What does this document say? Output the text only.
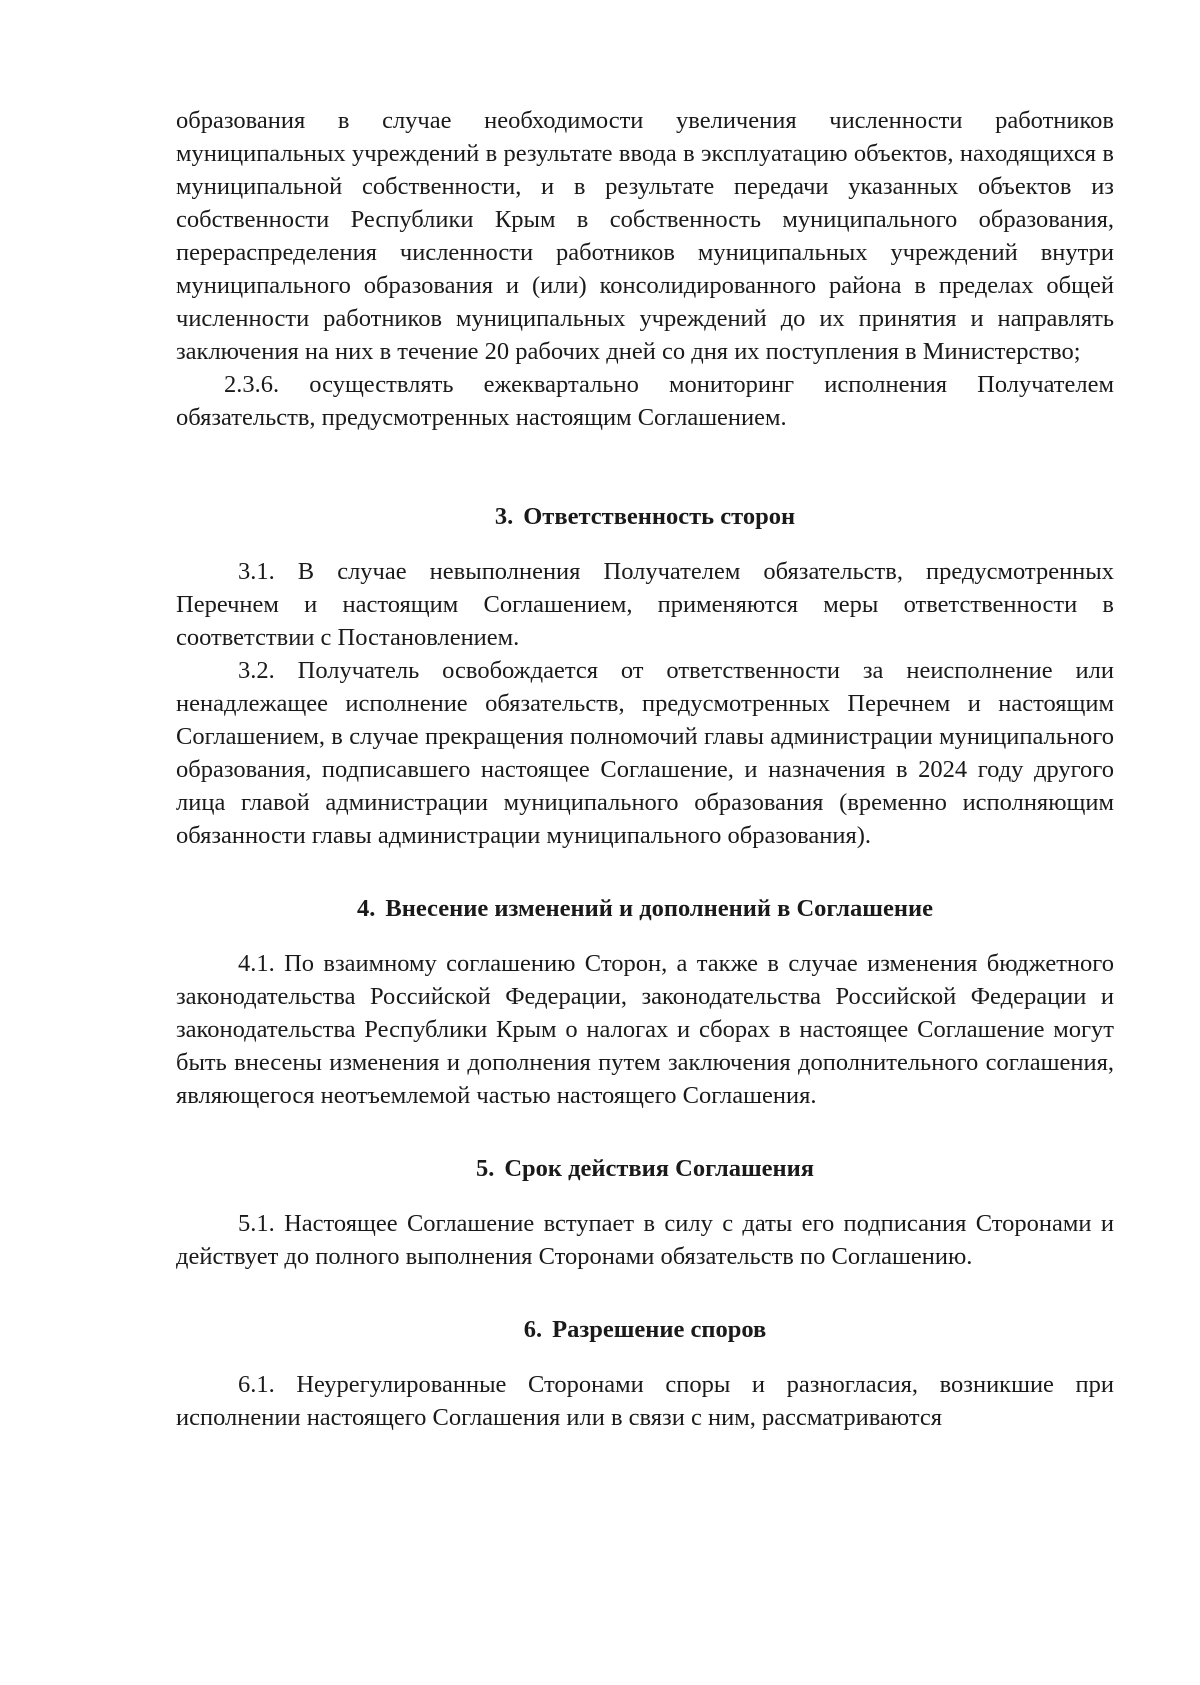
образования в случае необходимости увеличения численности работников муниципальных учреждений в результате ввода в эксплуатацию объектов, находящихся в муниципальной собственности, и в результате передачи указанных объектов из собственности Республики Крым в собственность муниципального образования, перераспределения численности работников муниципальных учреждений внутри муниципального образования и (или) консолидированного района в пределах общей численности работников муниципальных учреждений до их принятия и направлять заключения на них в течение 20 рабочих дней со дня их поступления в Министерство;

2.3.6. осуществлять ежеквартально мониторинг исполнения Получателем обязательств, предусмотренных настоящим Соглашением.

3. Ответственность сторон

3.1. В случае невыполнения Получателем обязательств, предусмотренных Перечнем и настоящим Соглашением, применяются меры ответственности в соответствии с Постановлением.

3.2. Получатель освобождается от ответственности за неисполнение или ненадлежащее исполнение обязательств, предусмотренных Перечнем и настоящим Соглашением, в случае прекращения полномочий главы администрации муниципального образования, подписавшего настоящее Соглашение, и назначения в 2024 году другого лица главой администрации муниципального образования (временно исполняющим обязанности главы администрации муниципального образования).

4. Внесение изменений и дополнений в Соглашение

4.1. По взаимному соглашению Сторон, а также в случае изменения бюджетного законодательства Российской Федерации, законодательства Российской Федерации и законодательства Республики Крым о налогах и сборах в настоящее Соглашение могут быть внесены изменения и дополнения путем заключения дополнительного соглашения, являющегося неотъемлемой частью настоящего Соглашения.

5. Срок действия Соглашения

5.1. Настоящее Соглашение вступает в силу с даты его подписания Сторонами и действует до полного выполнения Сторонами обязательств по Соглашению.

6. Разрешение споров

6.1. Неурегулированные Сторонами споры и разногласия, возникшие при исполнении настоящего Соглашения или в связи с ним, рассматриваются
